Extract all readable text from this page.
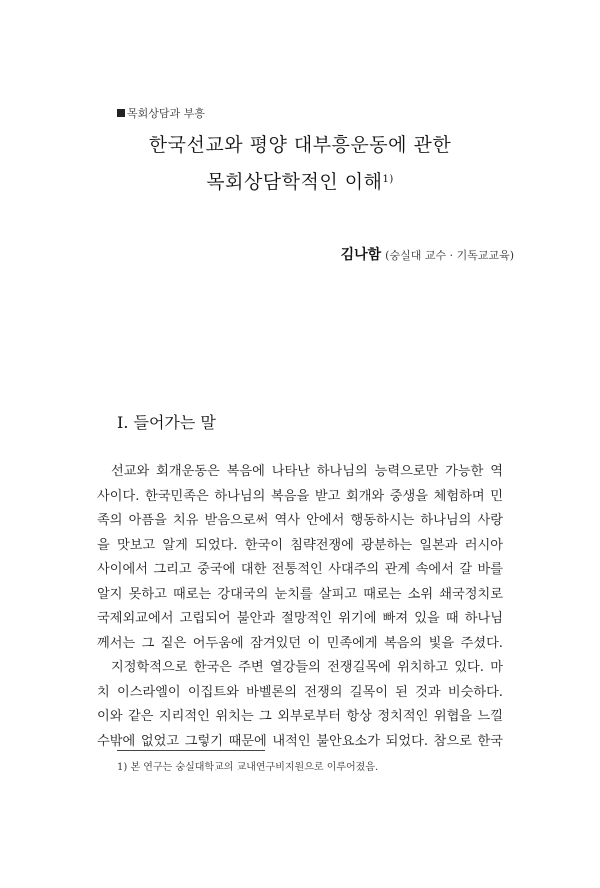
목회상담과 부흥
한국선교와 평양 대부흥운동에 관한
목회상담학적인 이해$^{1)}$
김나함 (숭실대 교수 · 기독교교육)
I. 들어가는 말

선교와 회개운동은 복음에 나타난 하나님의 능력으로만 가능한 역

사이다. 한국민족은 하나님의 복음을 받고 회개와 중생을 체험하며 민

족의 아픔을 치유 받음으로써 역사 안에서 행동하시는 하나님의 사랑

을 맛보고 알게 되었다. 한국이 침략전쟁에 광분하는 일본과 러시아

사이에서 그리고 중국에 대한 전통적인 사대주의 관계 속에서 갈 바를

알지 못하고 때로는 강대국의 눈치를 살피고 때로는 소위 쇄국정치로

국제외교에서 고립되어 불안과 절망적인 위기에 빠져 있을 때 하나님

께서는 그 짙은 어두움에 잠겨있던 이 민족에게 복음의 빛을 주셨다.

지정학적으로 한국은 주변 열강들의 전쟁길목에 위치하고 있다. 마

치 이스라엘이 이집트와 바벨론의 전쟁의 길목이 된 것과 비슷하다.

이와 같은 지리적인 위치는 그 외부로부터 항상 정치적인 위협을 느낄

수밖에 없었고 그렇기 때문에 내적인 불안요소가 되었다. 참으로 한국

1) 본 연구는 숭실대학교의 교내연구비지원으로 이루어졌음.
